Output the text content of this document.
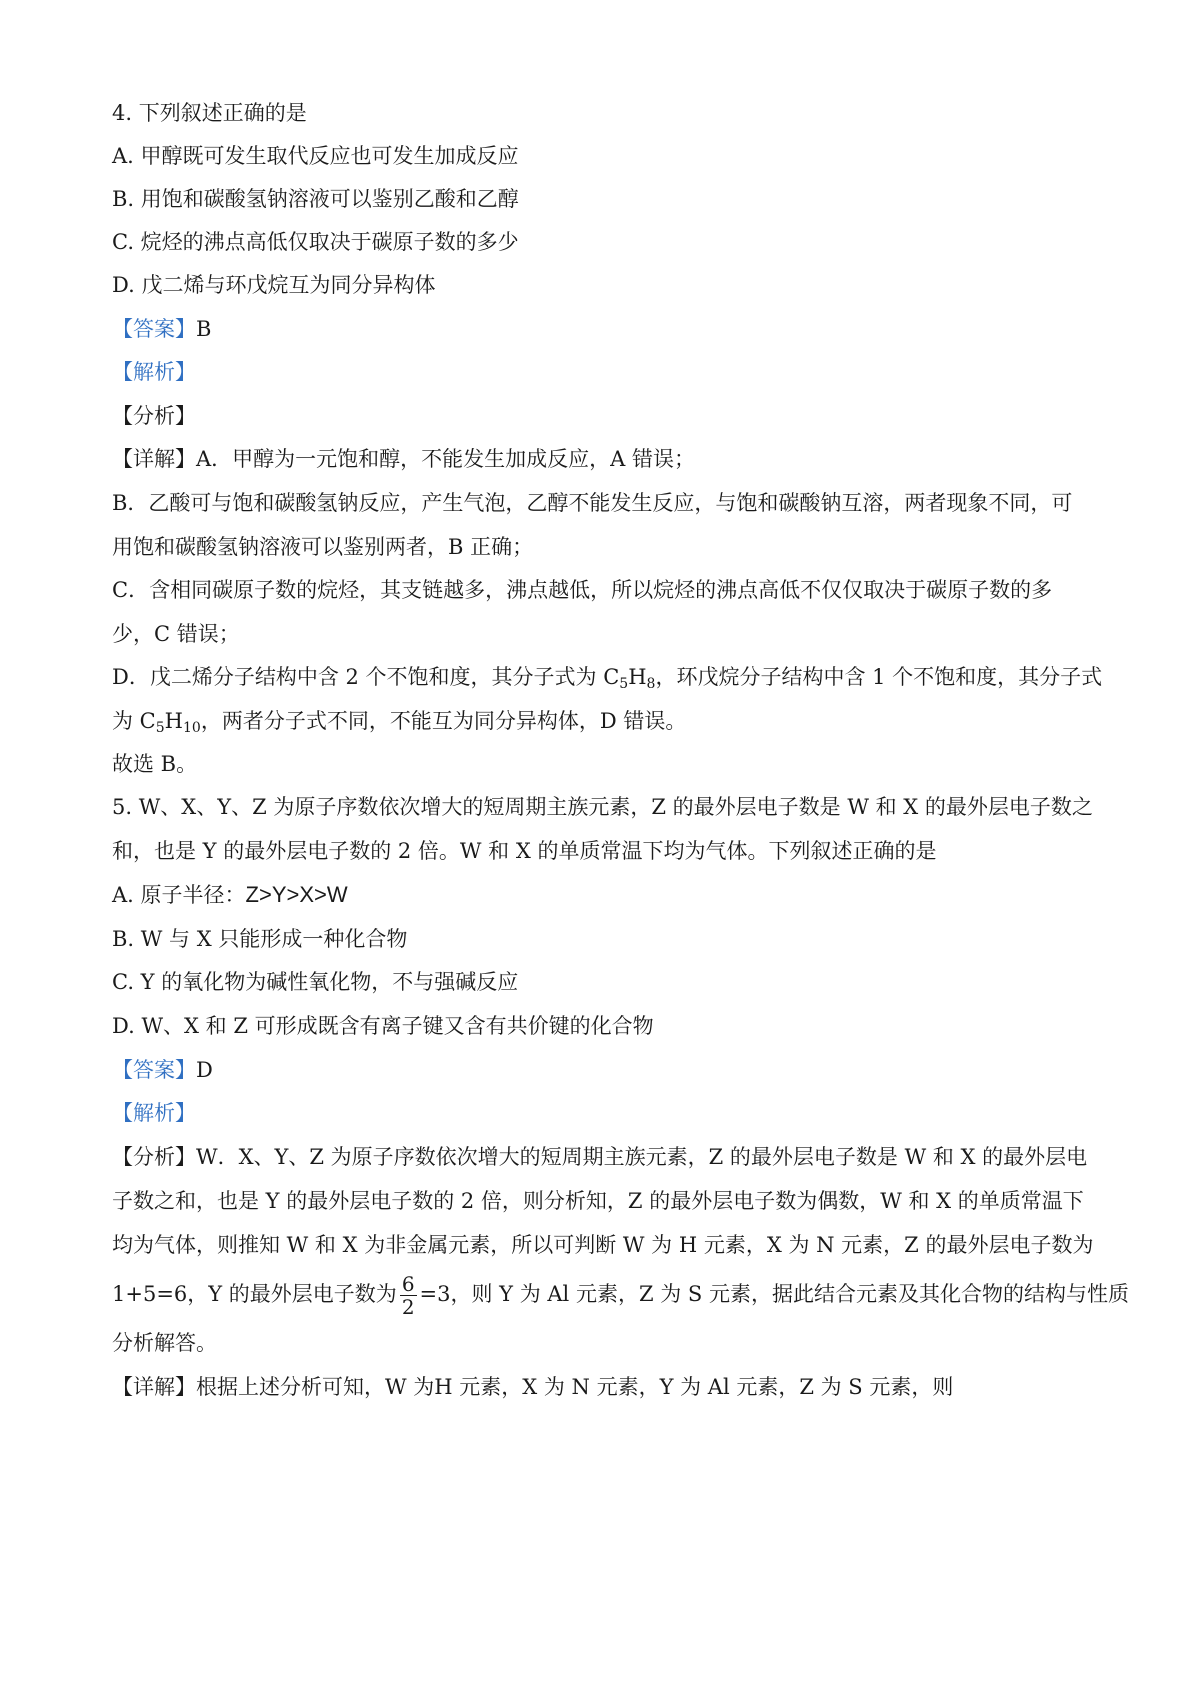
4. 下列叙述正确的是
A. 甲醇既可发生取代反应也可发生加成反应
B. 用饱和碳酸氢钠溶液可以鉴别乙酸和乙醇
C. 烷烃的沸点高低仅取决于碳原子数的多少
D. 戊二烯与环戊烷互为同分异构体
【答案】B
【解析】
【分析】
【详解】A．甲醇为一元饱和醇，不能发生加成反应，A 错误；
B．乙酸可与饱和碳酸氢钠反应，产生气泡，乙醇不能发生反应，与饱和碳酸钠互溶，两者现象不同，可
用饱和碳酸氢钠溶液可以鉴别两者，B 正确；
C．含相同碳原子数的烷烃，其支链越多，沸点越低，所以烷烃的沸点高低不仅仅取决于碳原子数的多
少，C 错误；
D．戊二烯分子结构中含 2 个不饱和度，其分子式为 $C_5H_8$，环戊烷分子结构中含 1 个不饱和度，其分子式
为 $C_5H_{10}$，两者分子式不同，不能互为同分异构体，D 错误。
故选 B。
5. W、X、Y、Z 为原子序数依次增大的短周期主族元素，Z 的最外层电子数是 W 和 X 的最外层电子数之
和，也是 Y 的最外层电子数的 2 倍。W 和 X 的单质常温下均为气体。下列叙述正确的是
A. 原子半径：Z>Y>X>W
B. W 与 X 只能形成一种化合物
C. Y 的氧化物为碱性氧化物，不与强碱反应
D. W、X 和 Z 可形成既含有离子键又含有共价键的化合物
【答案】D
【解析】
【分析】W．X、Y、Z 为原子序数依次增大的短周期主族元素，Z 的最外层电子数是 W 和 X 的最外层电
子数之和，也是 Y 的最外层电子数的 2 倍，则分析知，Z 的最外层电子数为偶数，W 和 X 的单质常温下
均为气体，则推知 W 和 X 为非金属元素，所以可判断 W 为 H 元素，X 为 N 元素，Z 的最外层电子数为
1+5=6，Y 的最外层电子数为 $\frac{6}{2} =3$，则 Y 为 Al 元素，Z 为 S 元素，据此结合元素及其化合物的结构与性质
分析解答。
【详解】根据上述分析可知，W 为H 元素，X 为 N 元素，Y 为 Al 元素，Z 为 S 元素，则
